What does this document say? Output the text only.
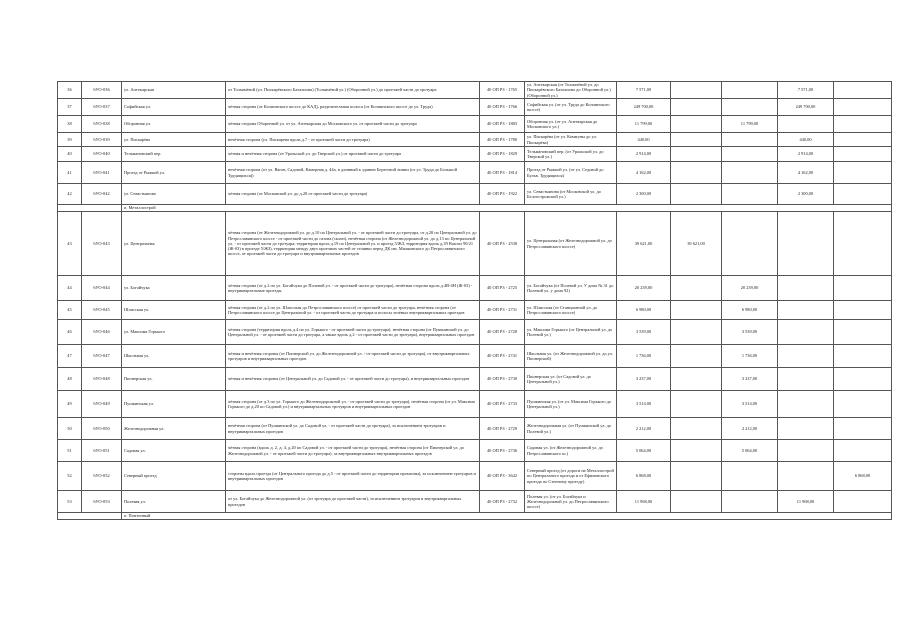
36	6УО-036	ул. Аптекарская	от Толмачёвой (ул. Пискарёвского Баталиона) (Толмачёвой ул.) (Оборонной ул.) до проезжей части до тротуара	40 ОП РЗ - 1765	ул. Аптекарская (от Толмачёвой ул. до Пискарёвского Баталиона до Оборонной ул.) (Оборонной ул.)	7 571,00			7 571,00	
37	6УО-037	Софийская ул.	чётная сторона (от Колпинского шоссе до КАД), разделительная полоса (от Колпинского шоссе до ул. Труда)	40 ОП РЗ - 1766	Софийская ул. (от ул. Труда до Колпинского шоссе)	249 700,00			249 700,00	
38	6УО-038	Оборонная ул.	чётная сторона Оборонной ул. от ул. Аптекарская до Московского ул. от проезжей части до тротуара	40 ОП РЗ - 1883	Оборонная ул. (от ул. Аптекарская до Московского ул.)	11 799,00		11 799,00		
39	6УО-039	ул. Пискарёва	нечётная сторона (ул. Пискарева вдоль д.7 - от проезжей части до тротуара)	40 ОП РЗ - 1780	ул. Пискарёва (от ул. Коммуны до ул. Пискарёва)	440,00			440,00	
40	6УО-040	Тельмановский пер.	чётная и нечётная сторона (от Уральской ул. до Тверской ул.) от проезжей части до тротуара	40 ОП РЗ - 1829	Тельмановский пер. (от Уральской ул. до Тверской ул.)	2 914,00			2 914,00	
41	6УО-041	Проезд от Рыжкой ул.	нечётная сторона (от ул. Вагов, Садовой, Камерная д. 44а, в длинный к зданию Береговой линии (от ул. Труда до Большой Трудящихся))	40 ОП РЗ - 1814	Проезд от Рыжкой ул. (от ул. Седовой до Бульв. Трудящихся)	4 162,00			4 162,00	
42	6УО-042	ул. Севастьянова	чётная сторона (от Московской ул. до д.20 от проезжей части до тротуара)	40 ОП РЗ - 1922	ул. Севастьянова (от Московской ул. до Белоострожской ул.)	2 300,00			2 300,00	
		п. Металлострой								
43	6УО-043	ул. Центральная	чётная сторона (от Железнодорожной ул. до д.10 по Центральной ул. - от проезжей части до тротуара, от д.20 по Центральной ул. до Петрославянского шоссе - от проезжей части до газона (склон), нечётная сторона (от Железнодорожной ул. до д.13 по Центральной ул. - от проезжей части до тротуара; территория вдоль д.19 по Центральной ул. и проезд 5/ЖЗ, территория вдоль д.39 Вокзал 90/21 (Ж-03) в проезде 5/ЖЗ), территория между двух проезжих частей от стоянки перед ДК им. Машковского до Петрославянского шоссе, от проезжей части до тротуара и внутриквартальных проездов	40 ОП РЗ - 2538	ул. Центральная (от Железнодорожной ул. до Петрославянского шоссе)	39 621,00	39 621,00			
44	6УО-044	ул. Богайчука	чётная сторона (от д.2 по ул. Богайчука до Полевой ул. - от проезжей части до тротуара), нечётная сторона вдоль д.4В-4Н (Ж-03) - внутриквартальные проезды	40 ОП РЗ - 2725	ул. Богайчука (от Полевой ул. У дома № 31 до Полевой ул. у дома 92)	20 239,00		20 239,00		
45	6УО-045	Шлисская ул.	чётная сторона (от д.2 по ул. Шлисская до Петрославянского шоссе) от проезжей части до тротуара, нечётная сторона (от Петрославянского шоссе до Центральной ул. - от проезжей части до тротуара и полосы зелёных внутриквартальных проездов	40 ОП РЗ - 2731	ул. Шлисская (от Станционной ул. до Петрославянского шоссе)	6 980,00		6 980,00		
46	6УО-046	ул. Максима Горького	чётная сторона (территория вдоль д.4 по ул. Горького - от проезжей части до тротуара), нечётная сторона (от Пушкинской ул. до Центральной ул. - от проезжей части до тротуара, а также вдоль д.2 - от проезжей части до тротуара), внутриквартальных проездов	40 ОП РЗ - 2728	ул. Максима Горького (от Центральной ул. до Полевой ул.)	3 539,00		3 539,00		
47	6УО-047	Школьная ул.	чётная и нечётная стороны (от Пионерской ул. до Железнодорожной ул. - от проезжей части до тротуара), от внутриквартальных тротуаров и внутриквартальных проездов	40 ОП РЗ - 2741	Школьная ул. (от Железнодорожной ул. до ул. Пионерской)	1 736,00		1 736,00		
48	6УО-048	Пионерская ул.	чётная и нечётная стороны (от Центральной ул. до Садовой ул. - от проезжей части до тротуара), и внутриквартальных проездов	40 ОП РЗ - 2730	Пионерская ул. (от Садовой ул. до Центральной ул.)	3 237,00		3 237,00		
49	6УО-049	Пушкинская ул.	чётная сторона (от д.3 по ул. Горького до Железнодорожной ул. - от проезжей части до тротуара), нечётная сторона (от ул. Максима Горького до д.20 по Садовой ул.) и внутриквартальных тротуаров и внутриквартальных проездов	40 ОП РЗ - 2733	Пушкинская ул. (от ул. Максима Горького до Центральной ул.)	3 514,00		3 514,00		
50	6УО-050	Железнодорожная ул.	нечётная сторона (от Пушкинской ул. до Садовой ул. - от проезжей части до тротуара), за исключением тротуаров и внутриквартальных проездов	40 ОП РЗ - 2729	Железнодорожная ул. (от Пушкинской ул. до Полевой ул.)	2 212,00		2 212,00		
51	6УО-051	Садовая ул.	чётная сторона (вдоль д. 2, д. 4, д.20 по Садовой ул. - от проезжей части до тротуара), нечётная сторона (от Пионерской ул. до Железнодорожной ул. - от проезжей части до тротуара), за внутриквартальных внутриквартальных проездов	40 ОП РЗ - 2736	Садовая ул. (от Железнодорожной ул. до Петрославянского ш.)	5 064,00		5 064,00		
52	6УО-052	Северный проезд	стороны вдоль проезда (от Центрального проезда до д.5 - от проезжей части до территории промзоны), за исключением тротуаров и внутриквартальных проездов	40 ОП РЗ - 3642	Северный проезд (от дороги на Металлострой по Центрального проезда и от Ефимовского проезда по Степному проезду)	6 868,00				6 868,00
53	6УО-053	Полевая ул.	от ул. Богайчука до Железнодорожной ул. (от тротуара до проезжей части), за исключением тротуаров и внутриквартальных проездов	40 ОП РЗ - 2732	Полевая ул. (от ул. Богайчука и Железнодорожной ул. до Петрославянского шоссе)	11 968,00			11 968,00	
		п. Понтонный								
